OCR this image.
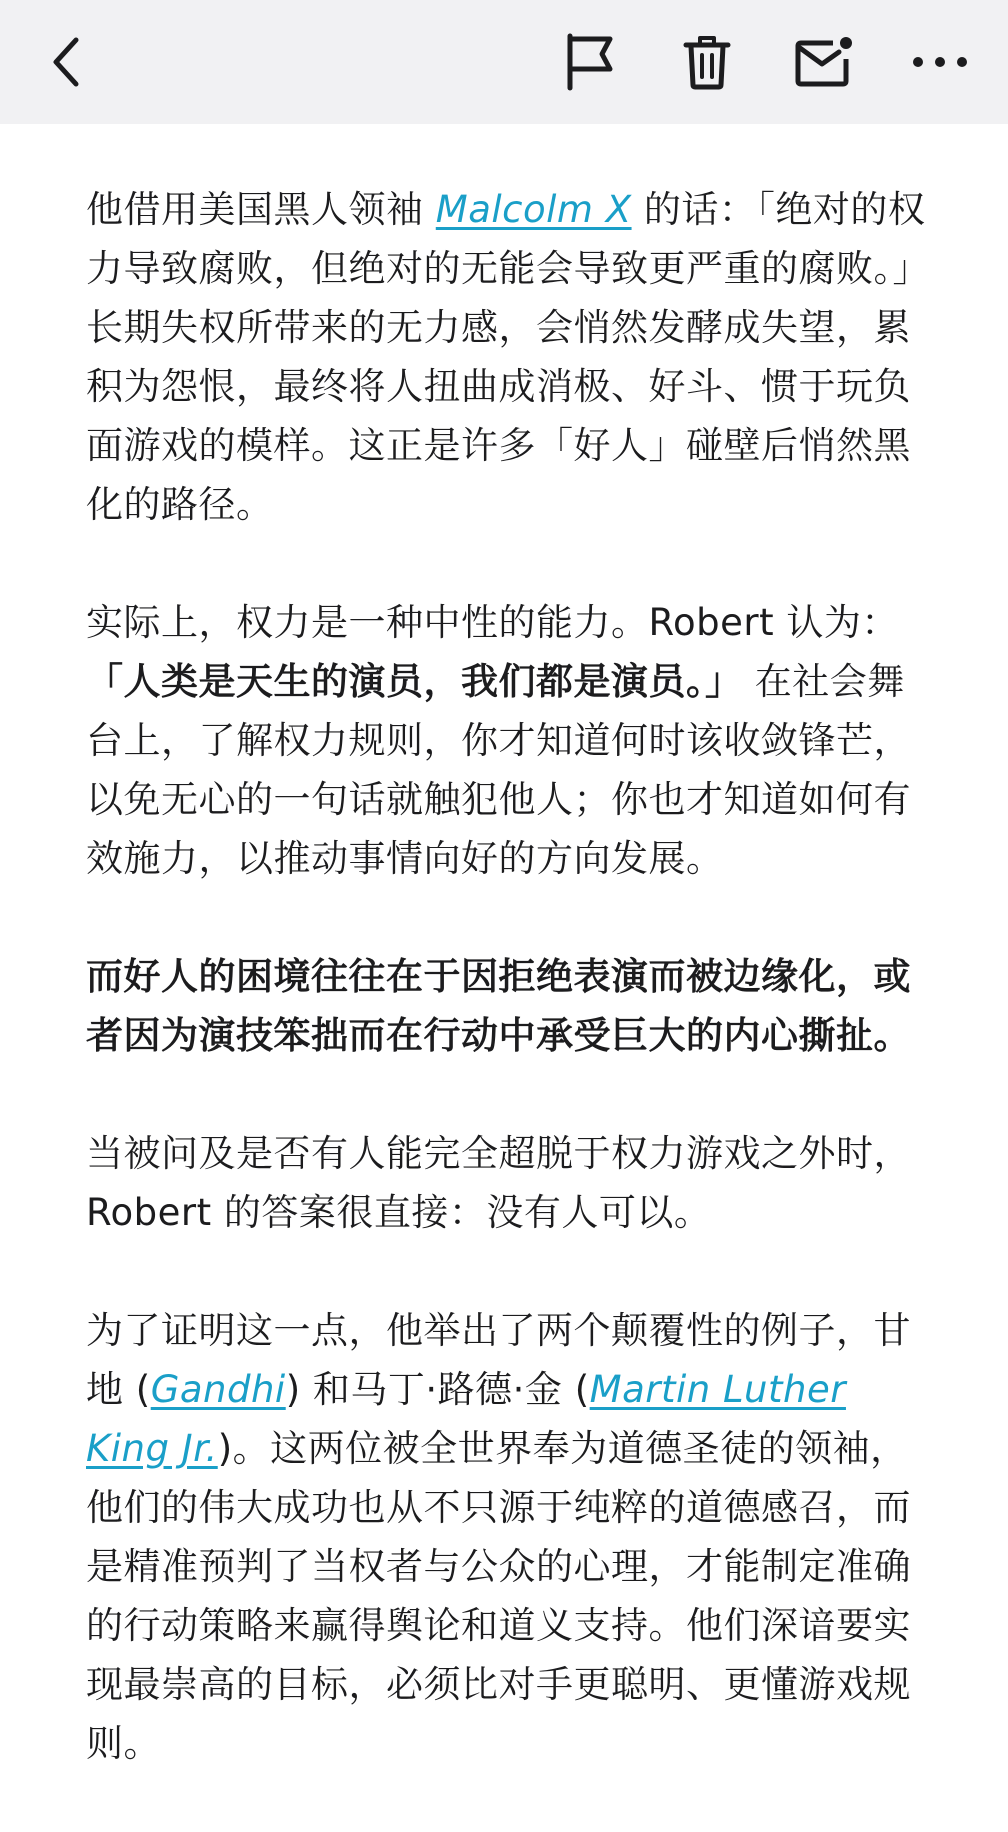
他借用美国黑人领袖 Malcolm X 的话：「绝对的权力导致腐败，但绝对的无能会导致更严重的腐败。」长期失权所带来的无力感，会悄然发酵成失望，累积为怨恨，最终将人扭曲成消极、好斗、惯于玩负面游戏的模样。这正是许多「好人」碰壁后悄然黑化的路径。

实际上，权力是一种中性的能力。Robert 认为：「人类是天生的演员，我们都是演员。」 在社会舞台上，了解权力规则，你才知道何时该收敛锋芒，以免无心的一句话就触犯他人；你也才知道如何有效施力，以推动事情向好的方向发展。

而好人的困境往往在于因拒绝表演而被边缘化，或者因为演技笨拙而在行动中承受巨大的内心撕扯。

当被问及是否有人能完全超脱于权力游戏之外时，Robert 的答案很直接：没有人可以。

为了证明这一点，他举出了两个颠覆性的例子，甘地 (Gandhi) 和马丁·路德·金 (Martin Luther King Jr.)。这两位被全世界奉为道德圣徒的领袖，他们的伟大成功也从不只源于纯粹的道德感召，而是精准预判了当权者与公众的心理，才能制定准确的行动策略来赢得舆论和道义支持。他们深谙要实现最崇高的目标，必须比对手更聪明、更懂游戏规则。
